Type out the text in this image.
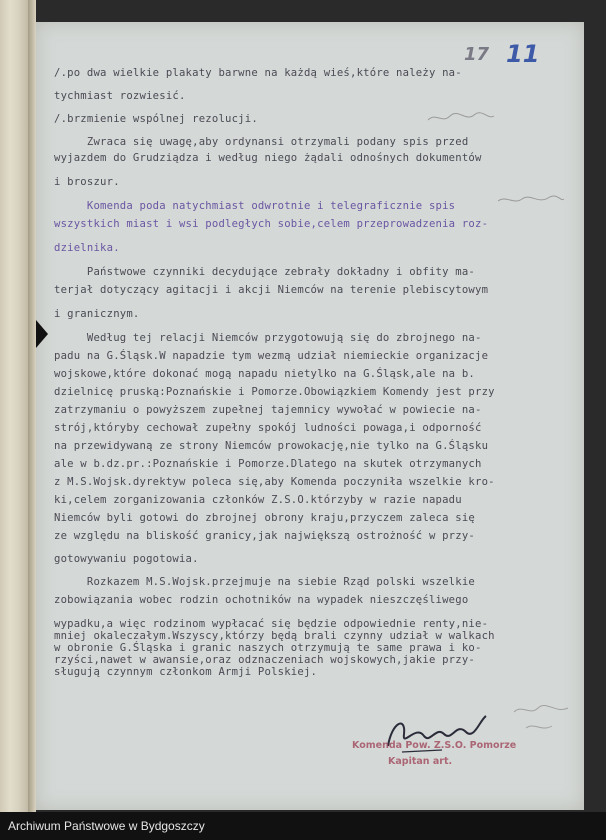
17 11
/.po dwa wielkie plakaty barwne na każdą wieś,które należy na-
tychmiast rozwiesić.
/.brzmienie wspólnej rezolucji.
Zwraca się uwagę,aby ordynansi otrzymali podany spis przed
wyjazdem do Grudziądza i według niego żądali odnośnych dokumentów
i broszur.
Komenda poda natychmiast odwrotnie i telegraficznie spis
wszystkich miast i wsi podległych sobie,celem przeprowadzenia roz-
dzielnika.
Państwowe czynniki decydujące zebrały dokładny i obfity ma-
terjał dotyczący agitacji i akcji Niemców na terenie plebiscytowym
i granicznym.
Według tej relacji Niemców przygotowują się do zbrojnego na-
padu na G.Śląsk.W napadzie tym wezmą udział niemieckie organizacje
wojskowe,które dokonać mogą napadu nietylko na G.Śląsk,ale na b.
dzielnicę pruską:Poznańskie i Pomorze.Obowiązkiem Komendy jest przy
zatrzymaniu o powyższem zupełnej tajemnicy wywołać w powiecie na-
strój,któryby cechował zupełny spokój ludności powaga,i odporność
na przewidywaną ze strony Niemców prowokację,nie tylko na G.Śląsku
ale w b.dz.pr.:Poznańskie i Pomorze.Dlatego na skutek otrzymanych
z M.S.Wojsk.dyrektyw poleca się,aby Komenda poczyniła wszelkie kro-
ki,celem zorganizowania członków Z.S.O.którzyby w razie napadu
Niemców byli gotowi do zbrojnej obrony kraju,przyczem zaleca się
ze względu na bliskość granicy,jak największą ostrożność w przy-
gotowywaniu pogotowia.
Rozkazem M.S.Wojsk.przejmuje na siebie Rząd polski wszelkie
zobowiązania wobec rodzin ochotników na wypadek nieszczęśliwego
wypadku,a więc rodzinom wypłacać się będzie odpowiednie renty,nie-
mniej okaleczałym.Wszyscy,którzy będą brali czynny udział w walkach
w obronie G.Śląska i granic naszych otrzymują te same prawa i ko-
rzyści,nawet w awansie,oraz odznaczeniach wojskowych,jakie przy-
sługują czynnym członkom Armji Polskiej.
Komenda Pow. Z.S.O. Pomorze
Kapitan art.
Archiwum Państwowe w Bydgoszczy
